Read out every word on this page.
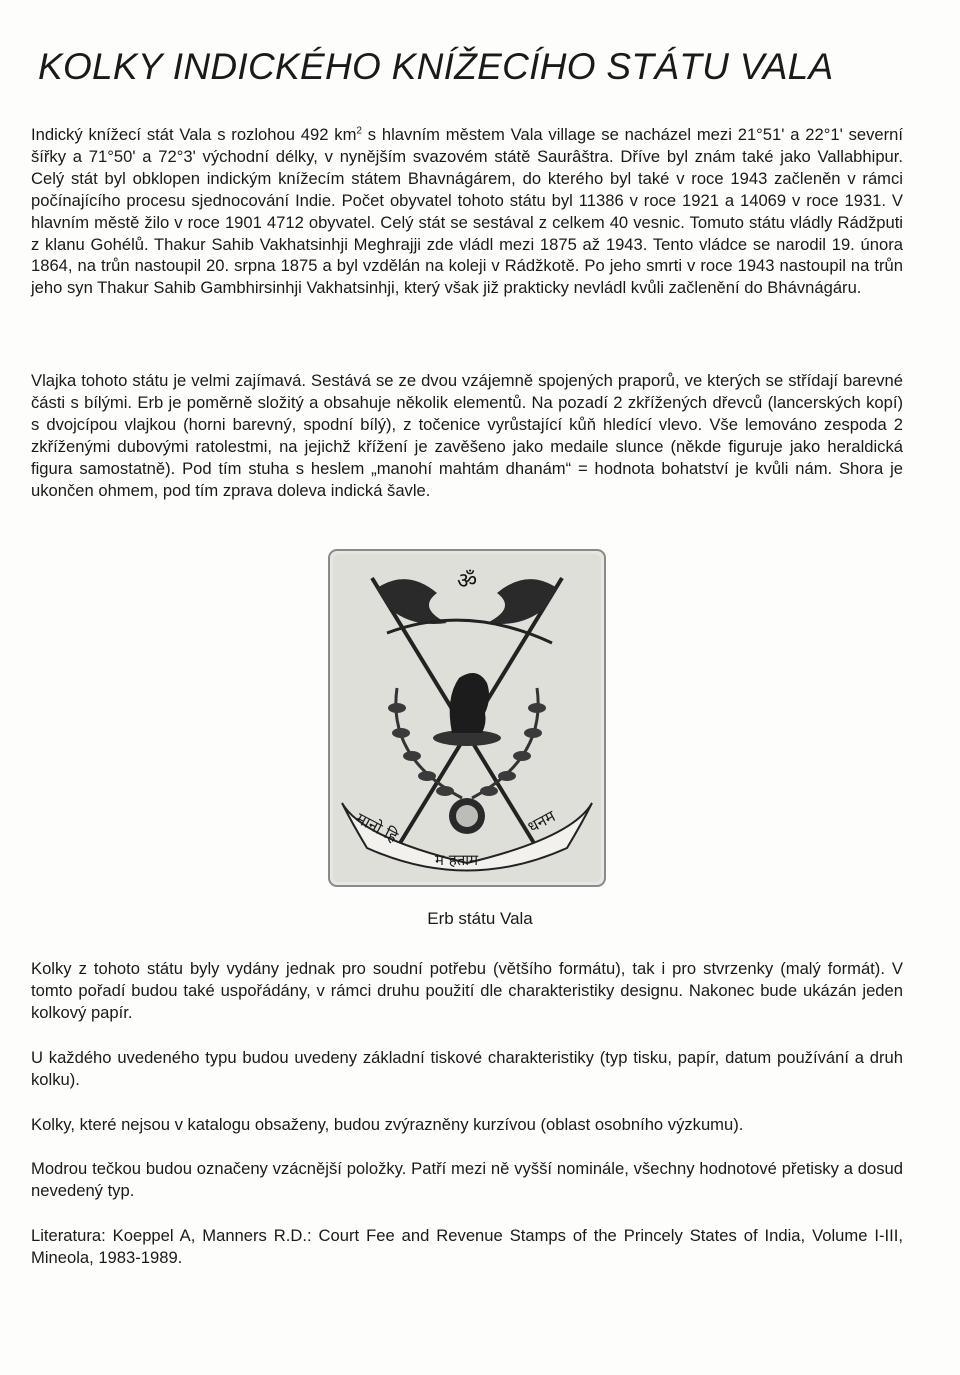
KOLKY INDICKÉHO KNÍŽECÍHO STÁTU VALA

Indický knížecí stát Vala s rozlohou 492 $km^2$ s hlavním městem Vala village se nacházel mezi 21°51' a 22°1' severní šířky a 71°50' a 72°3' východní délky, v nynějším svazovém státě Saurâštra. Dříve byl znám také jako Vallabhipur. Celý stát byl obklopen indickým knížecím státem Bhavnágárem, do kterého byl také v roce 1943 začleněn v rámci počínajícího procesu sjednocování Indie. Počet obyvatel tohoto státu byl 11386 v roce 1921 a 14069 v roce 1931. V hlavním městě žilo v roce 1901 4712 obyvatel. Celý stát se sestával z celkem 40 vesnic. Tomuto státu vládly Rádžputi z klanu Gohélů. Thakur Sahib Vakhatsinhji Meghrajji zde vládl mezi 1875 až 1943. Tento vládce se narodil 19. února 1864, na trůn nastoupil 20. srpna 1875 a byl vzdělán na koleji v Rádžkotě. Po jeho smrti v roce 1943 nastoupil na trůn jeho syn Thakur Sahib Gambhirsinhji Vakhatsinhji, který však již prakticky nevládl kvůli začlenění do Bhávnágáru.

Vlajka tohoto státu je velmi zajímavá. Sestává se ze dvou vzájemně spojených praporů, ve kterých se střídají barevné části s bílými. Erb je poměrně složitý a obsahuje několik elementů. Na pozadí 2 zkřížených dřevců (lancerských kopí) s dvojcípou vlajkou (horni barevný, spodní bílý), z točenice vyrůstající kůň hledící vlevo. Vše lemováno zespoda 2 zkříženými dubovými ratolestmi, na jejichž křížení je zavěšeno jako medaile slunce (někde figuruje jako heraldická figura samostatně). Pod tím stuha s heslem „manohí mahtám dhanám“ = hodnota bohatství je kvůli nám. Shora je ukončen ohmem, pod tím zprava doleva indická šavle.

ॐ
मानो हि	धनम
म हताम

Erb státu Vala

Kolky z tohoto státu byly vydány jednak pro soudní potřebu (většího formátu), tak i pro stvrzenky (malý formát). V tomto pořadí budou také uspořádány, v rámci druhu použití dle charakteristiky designu. Nakonec bude ukázán jeden kolkový papír.

U každého uvedeného typu budou uvedeny základní tiskové charakteristiky (typ tisku, papír, datum používání a druh kolku).

Kolky, které nejsou v katalogu obsaženy, budou zvýrazněny kurzívou (oblast osobního výzkumu).

Modrou tečkou budou označeny vzácnější položky. Patří mezi ně vyšší nominále, všechny hodnotové přetisky a dosud nevedený typ.

Literatura: Koeppel A, Manners R.D.: Court Fee and Revenue Stamps of the Princely States of India, Volume I-III, Mineola, 1983-1989.
